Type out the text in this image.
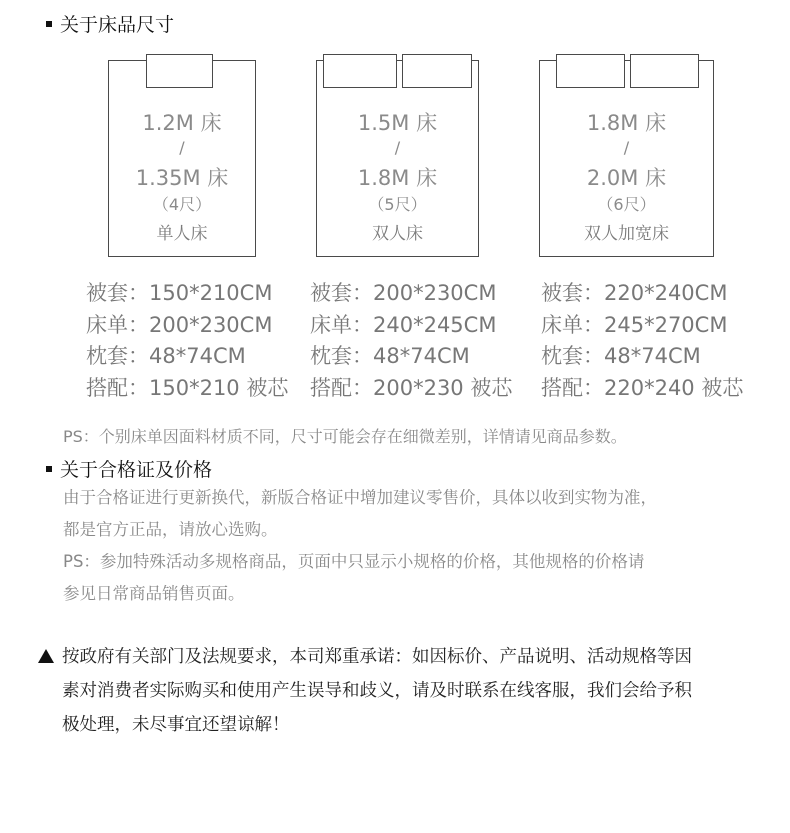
关于床品尺寸
1.2M 床
/
1.35M 床
（4尺）
单人床
1.5M 床
/
1.8M 床
（5尺）
双人床
1.8M 床
/
2.0M 床
（6尺）
双人加宽床
被套：150*210CM
床单：200*230CM
枕套：48*74CM
搭配：150*210 被芯
被套：200*230CM
床单：240*245CM
枕套：48*74CM
搭配：200*230 被芯
被套：220*240CM
床单：245*270CM
枕套：48*74CM
搭配：220*240 被芯
PS：个别床单因面料材质不同，尺寸可能会存在细微差别，详情请见商品参数。
关于合格证及价格
由于合格证进行更新换代，新版合格证中增加建议零售价，具体以收到实物为准，
都是官方正品，请放心选购。
PS：参加特殊活动多规格商品，页面中只显示小规格的价格，其他规格的价格请
参见日常商品销售页面。
按政府有关部门及法规要求，本司郑重承诺：如因标价、产品说明、活动规格等因
素对消费者实际购买和使用产生误导和歧义，请及时联系在线客服，我们会给予积
极处理，未尽事宜还望谅解！
